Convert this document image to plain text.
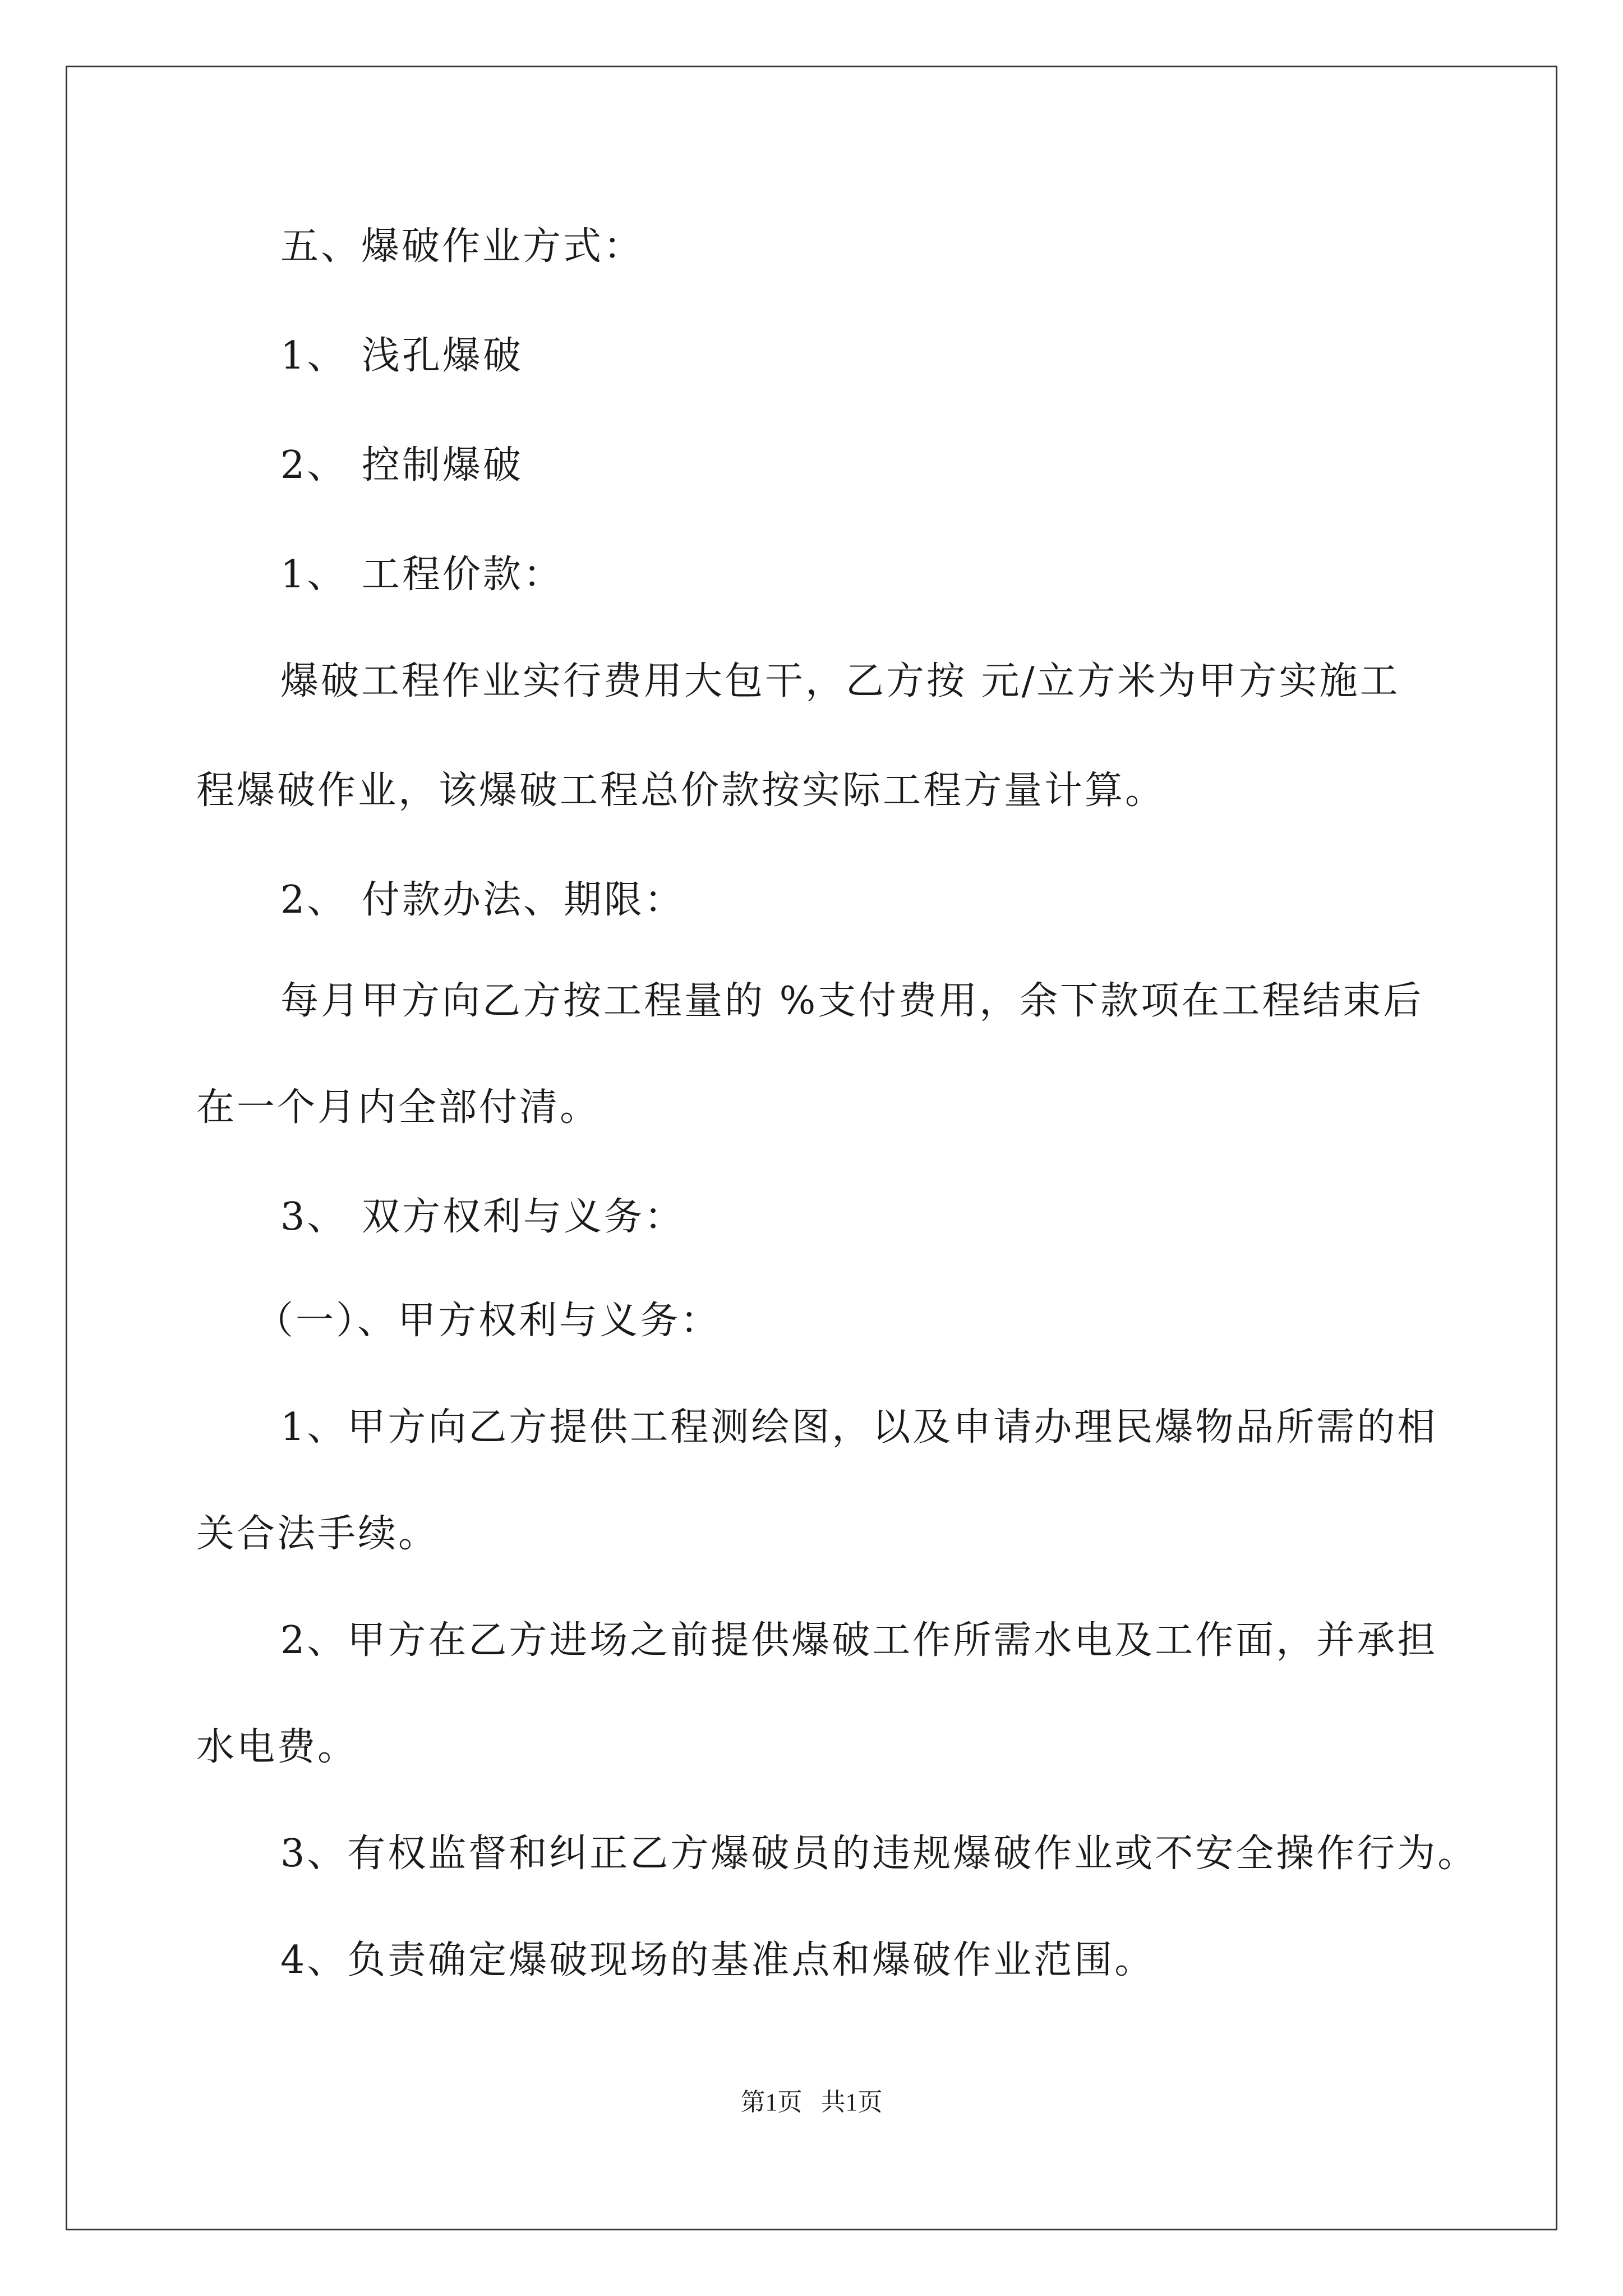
五、爆破作业方式：
1、 浅孔爆破
2、 控制爆破
1、 工程价款：
爆破工程作业实行费用大包干，乙方按 元/立方米为甲方实施工
程爆破作业，该爆破工程总价款按实际工程方量计算。
2、 付款办法、期限：
每月甲方向乙方按工程量的 %支付费用，余下款项在工程结束后
在一个月内全部付清。
3、 双方权利与义务：
（一）、甲方权利与义务：
1、甲方向乙方提供工程测绘图，以及申请办理民爆物品所需的相
关合法手续。
2、甲方在乙方进场之前提供爆破工作所需水电及工作面，并承担
水电费。
3、有权监督和纠正乙方爆破员的违规爆破作业或不安全操作行为。
4、负责确定爆破现场的基准点和爆破作业范围。
第1页   共1页
